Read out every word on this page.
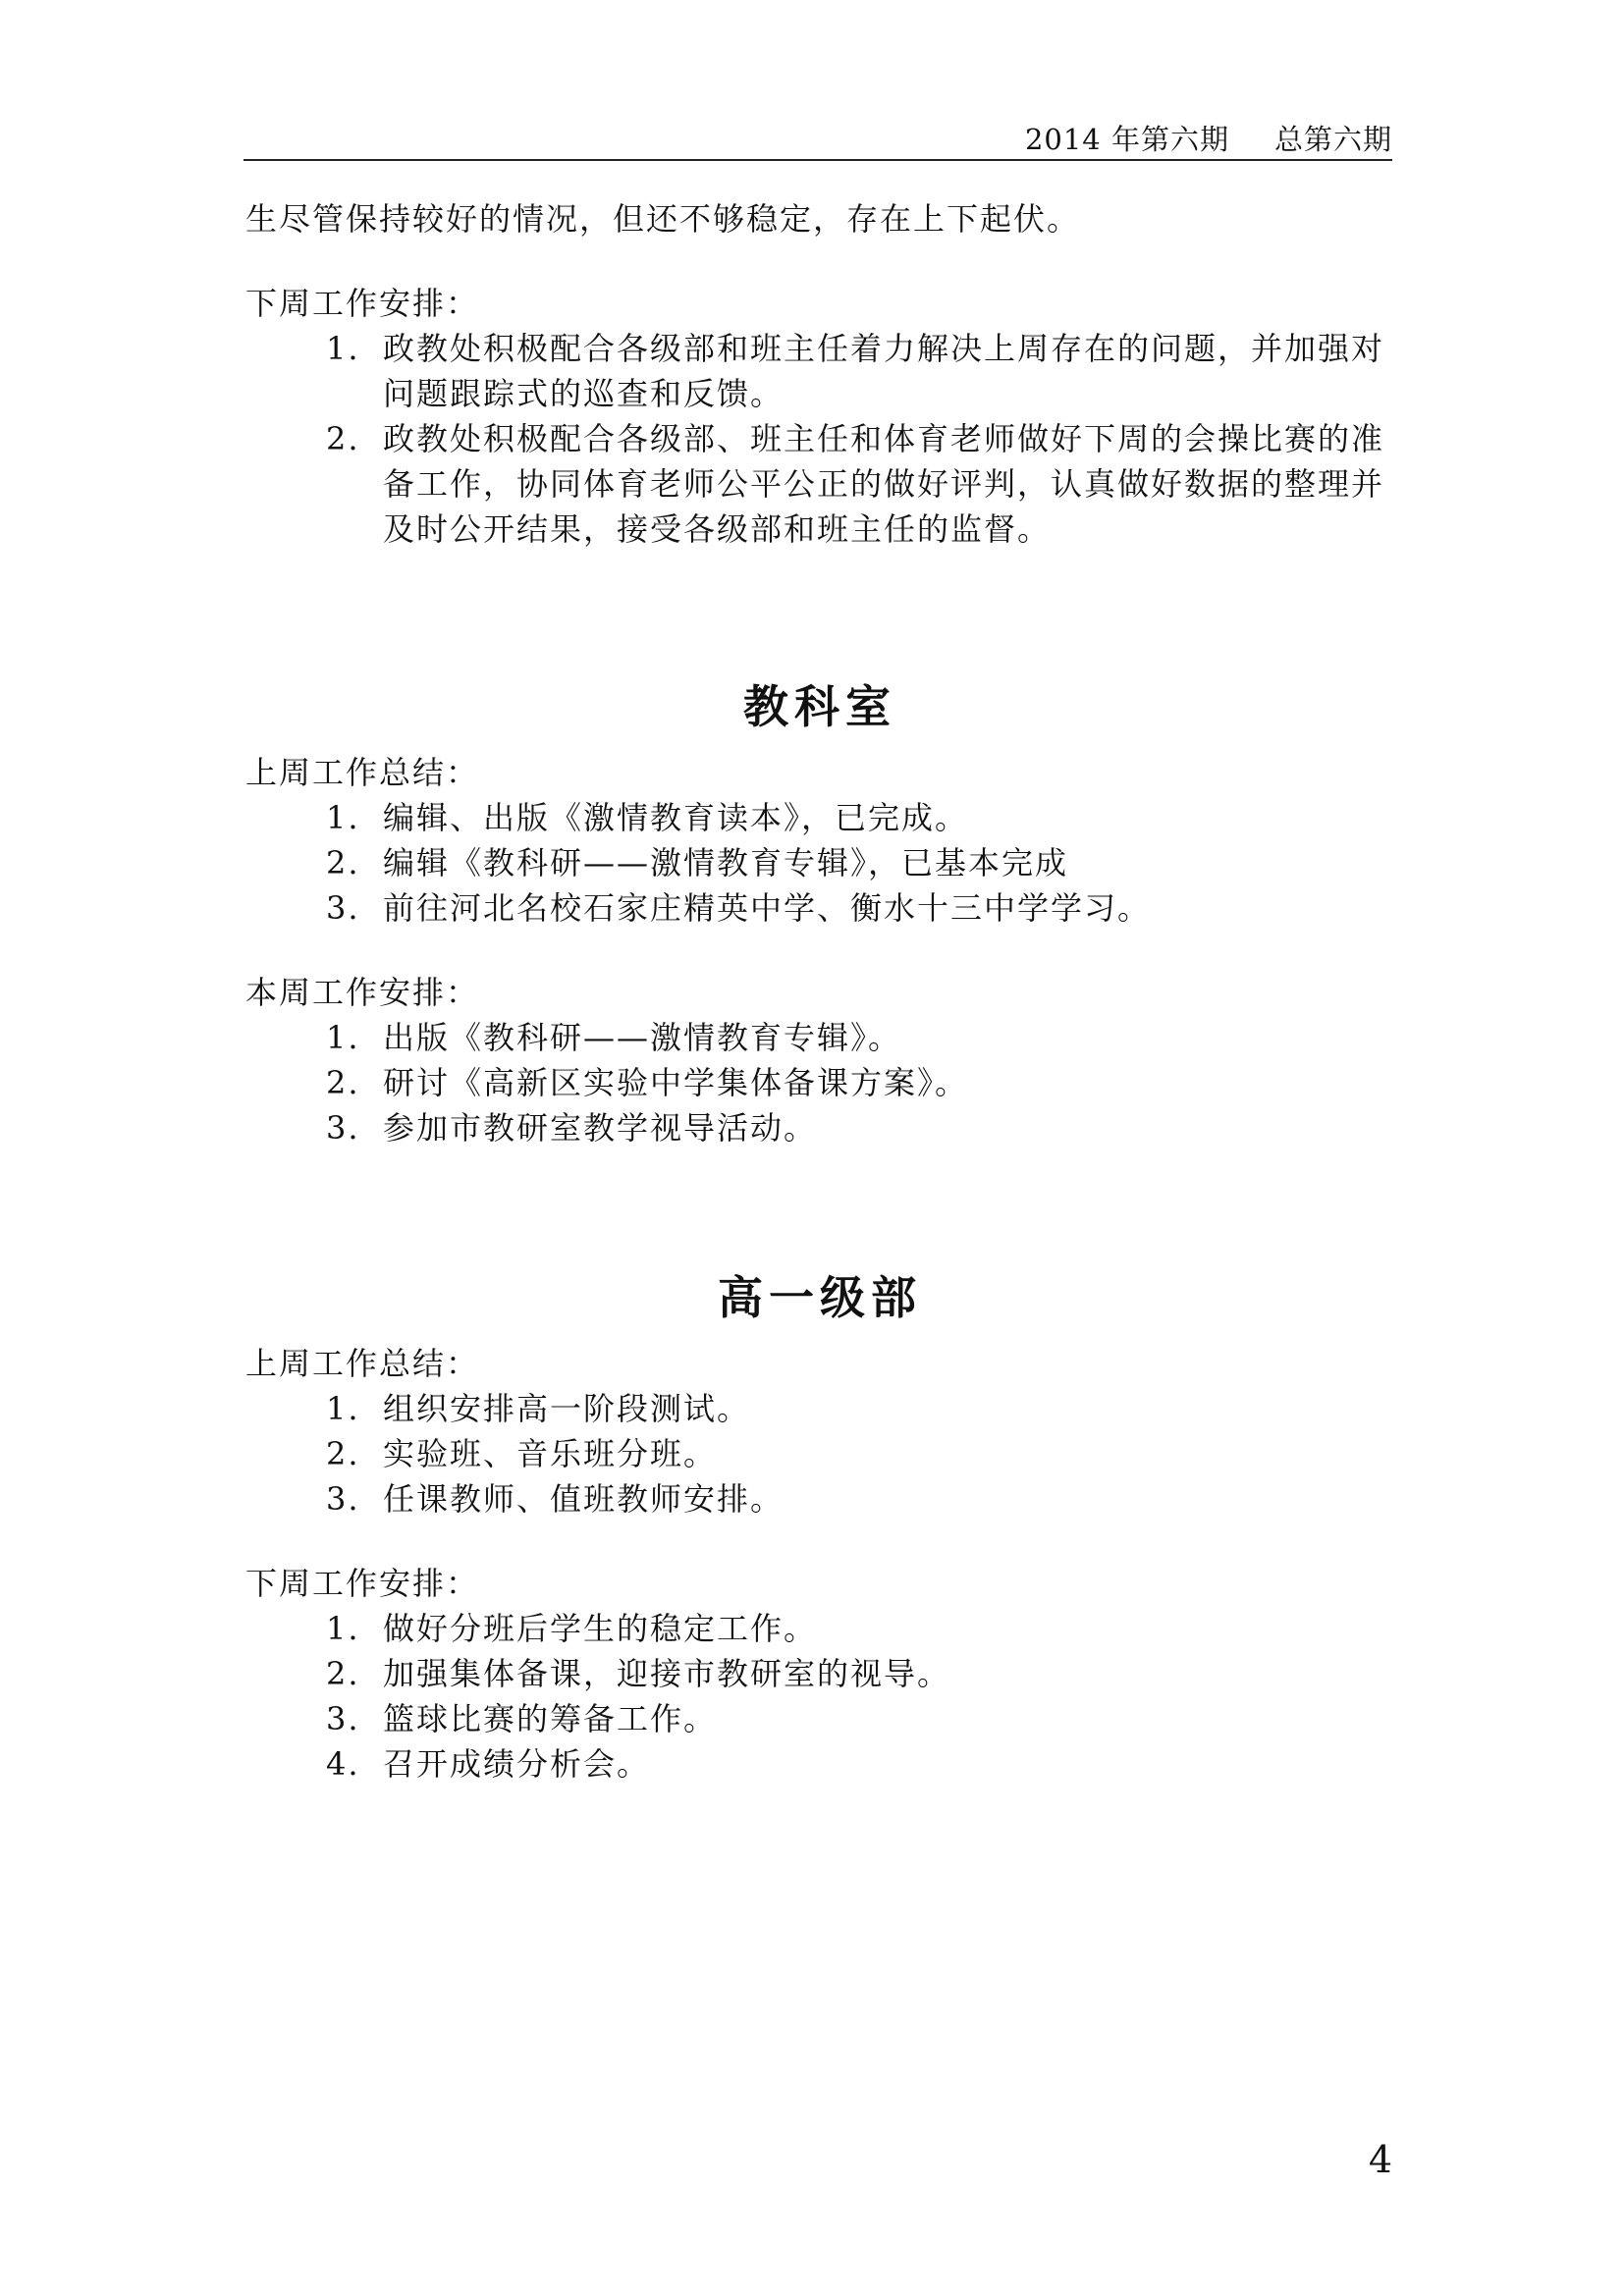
2014 年第六期 总第六期

生尽管保持较好的情况，但还不够稳定，存在上下起伏。

下周工作安排：

1. 政教处积极配合各级部和班主任着力解决上周存在的问题，并加强对问题跟踪式的巡查和反馈。
2. 政教处积极配合各级部、班主任和体育老师做好下周的会操比赛的准备工作，协同体育老师公平公正的做好评判，认真做好数据的整理并及时公开结果，接受各级部和班主任的监督。
教科室

上周工作总结：

1. 编辑、出版《激情教育读本》，已完成。
2. 编辑《教科研——激情教育专辑》，已基本完成
3. 前往河北名校石家庄精英中学、衡水十三中学学习。

本周工作安排：

1. 出版《教科研——激情教育专辑》。
2. 研讨《高新区实验中学集体备课方案》。
3. 参加市教研室教学视导活动。
高一级部

上周工作总结：

1. 组织安排高一阶段测试。
2. 实验班、音乐班分班。
3. 任课教师、值班教师安排。

下周工作安排：

1. 做好分班后学生的稳定工作。
2. 加强集体备课，迎接市教研室的视导。
3. 篮球比赛的筹备工作。
4. 召开成绩分析会。
4
